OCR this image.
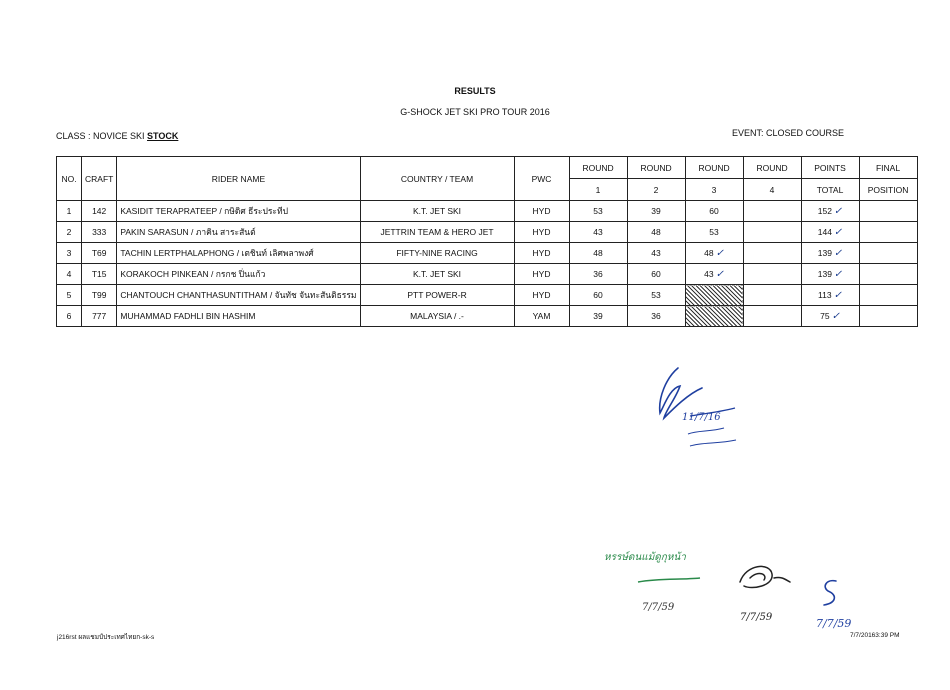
RESULTS
G-SHOCK JET SKI PRO TOUR 2016
CLASS : NOVICE SKI STOCK	EVENT: CLOSED COURSE
NO.	CRAFT	RIDER NAME	COUNTRY / TEAM	PWC	ROUND	ROUND	ROUND	ROUND	POINTS	FINAL
					1	2	3	4	TOTAL	POSITION
1	142	KASIDIT TERAPRATEEP / กษิดิศ ธีระประทีป	K.T. JET SKI	HYD	53	39	60		152 ✓	
2	333	PAKIN SARASUN / ภาคิน สาระสันต์	JETTRIN TEAM & HERO JET	HYD	43	48	53		144 ✓	
3	T69	TACHIN LERTPHALAPHONG / เตชินท์ เลิศพลาพงศ์	FIFTY-NINE RACING	HYD	48	43	48 ✓		139 ✓	
4	T15	KORAKOCH PINKEAN / กรกช ปิ่นแก้ว	K.T. JET SKI	HYD	36	60	43 ✓		139 ✓	
5	T99	CHANTOUCH CHANTHASUNTITHAM / จันทัช จันทะสันติธรรม	PTT POWER-R	HYD	60	53			113 ✓	
6	777	MUHAMMAD FADHLI BIN HASHIM	MALAYSIA / .-	YAM	39	36			75 ✓	
11/7/16
หรรษ์ดนแม้ดูกุหน้า
7/7/59
7/7/59	7/7/59
j216rst ผลแชมป์ประเทศไทยก-sk-s	7/7/20163:39 PM
